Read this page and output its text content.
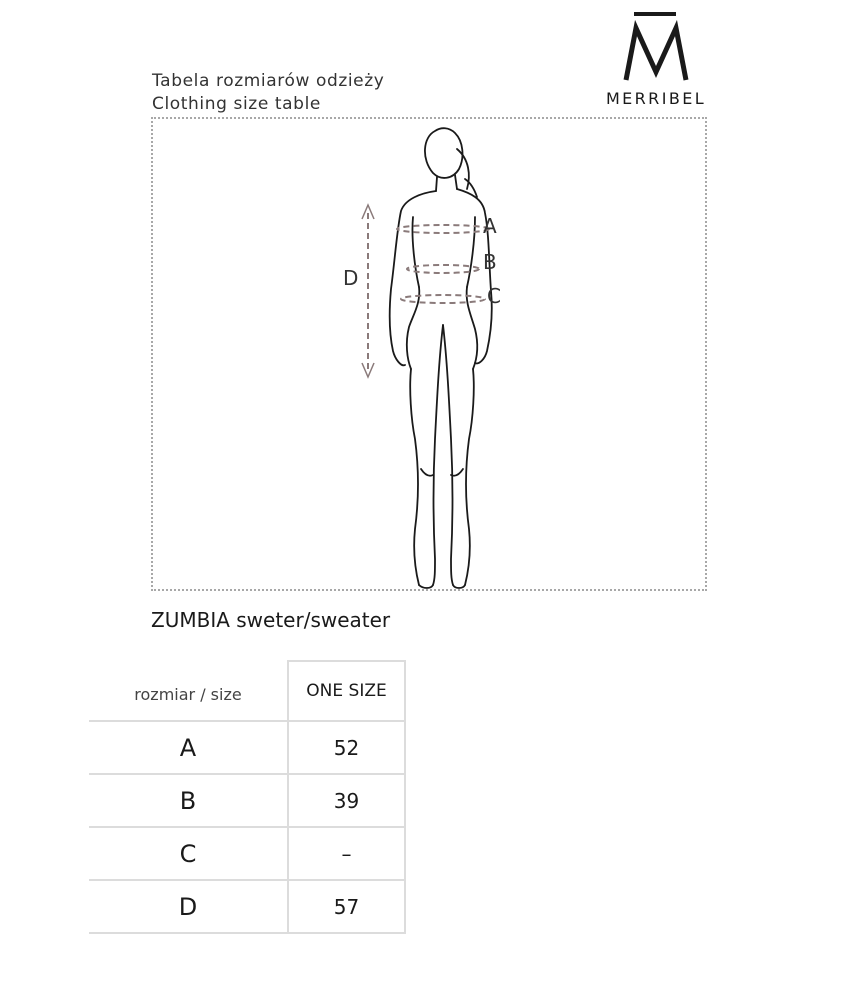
MERRIBEL
Tabela rozmiarów odzieży
Clothing size table
A
B
C
D
ZUMBIA sweter/sweater
rozmiar / size	ONE SIZE
A	52
B	39
C	–
D	57
